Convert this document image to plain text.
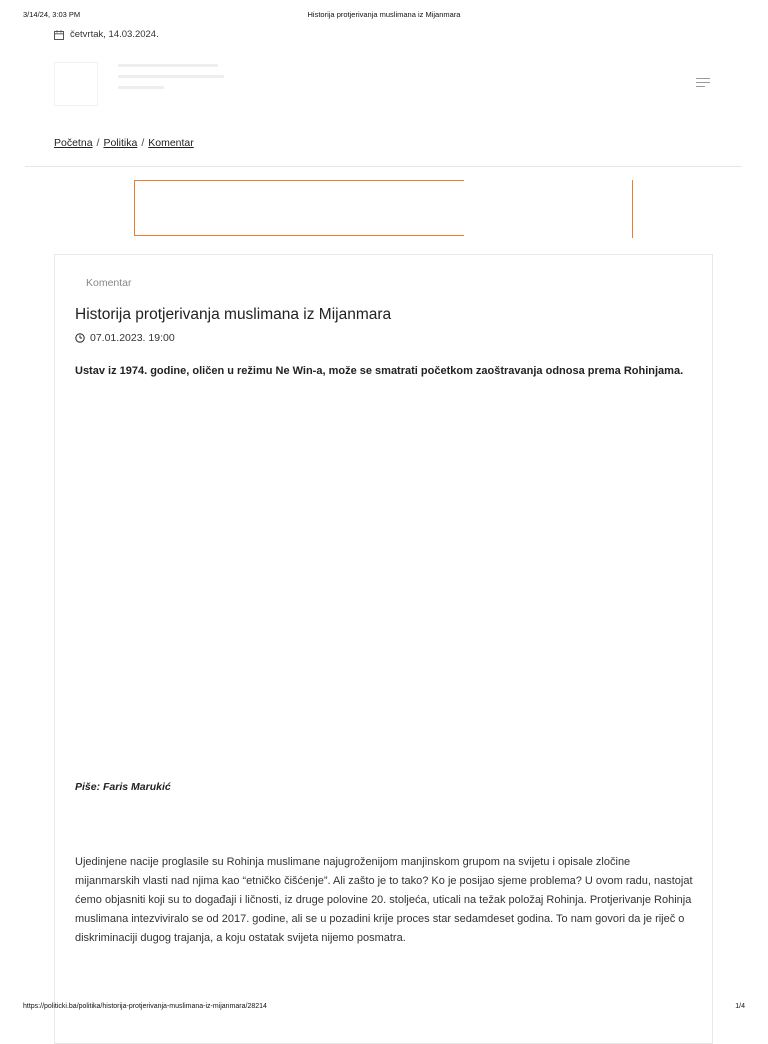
3/14/24, 3:03 PM	Historija protjerivanja muslimana iz Mijanmara
četvrtak, 14.03.2024.
Početna / Politika / Komentar
Komentar
Historija protjerivanja muslimana iz Mijanmara
07.01.2023. 19:00

Ustav iz 1974. godine, oličen u režimu Ne Win-a, može se smatrati početkom zaoštravanja odnosa prema Rohinjama.

Piše: Faris Marukić

Ujedinjene nacije proglasile su Rohinja muslimane najugroženijom manjinskom grupom na svijetu i opisale zločine mijanmarskih vlasti nad njima kao “etničko čišćenje”. Ali zašto je to tako? Ko je posijao sjeme problema? U ovom radu, nastojat ćemo objasniti koji su to događaji i ličnosti, iz druge polovine 20. stoljeća, uticali na težak položaj Rohinja. Protjerivanje Rohinja muslimana intezviviralo se od 2017. godine, ali se u pozadini krije proces star sedamdeset godina. To nam govori da je riječ o diskriminaciji dugog trajanja, a koju ostatak svijeta nijemo posmatra.

https://politicki.ba/politika/historija-protjerivanja-muslimana-iz-mijanmara/28214	1/4
